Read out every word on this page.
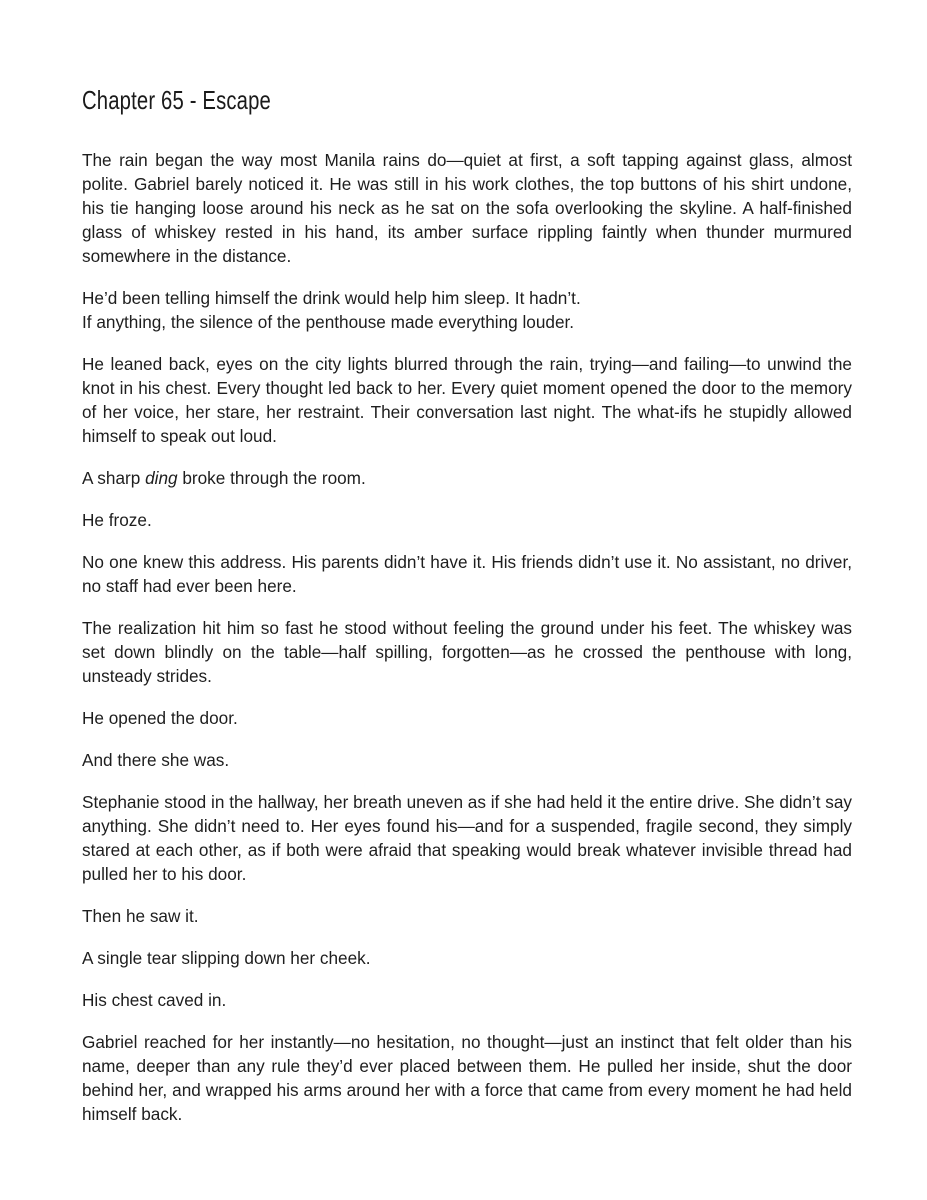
Chapter 65 - Escape

The rain began the way most Manila rains do—quiet at first, a soft tapping against glass, almost polite. Gabriel barely noticed it. He was still in his work clothes, the top buttons of his shirt undone, his tie hanging loose around his neck as he sat on the sofa overlooking the skyline. A half-finished glass of whiskey rested in his hand, its amber surface rippling faintly when thunder murmured somewhere in the distance.

He’d been telling himself the drink would help him sleep. It hadn’t.
If anything, the silence of the penthouse made everything louder.

He leaned back, eyes on the city lights blurred through the rain, trying—and failing—to unwind the knot in his chest. Every thought led back to her. Every quiet moment opened the door to the memory of her voice, her stare, her restraint. Their conversation last night. The what-ifs he stupidly allowed himself to speak out loud.

A sharp ding broke through the room.

He froze.

No one knew this address. His parents didn’t have it. His friends didn’t use it. No assistant, no driver, no staff had ever been here.

The realization hit him so fast he stood without feeling the ground under his feet. The whiskey was set down blindly on the table—half spilling, forgotten—as he crossed the penthouse with long, unsteady strides.

He opened the door.

And there she was.

Stephanie stood in the hallway, her breath uneven as if she had held it the entire drive. She didn’t say anything. She didn’t need to. Her eyes found his—and for a suspended, fragile second, they simply stared at each other, as if both were afraid that speaking would break whatever invisible thread had pulled her to his door.

Then he saw it.

A single tear slipping down her cheek.

His chest caved in.

Gabriel reached for her instantly—no hesitation, no thought—just an instinct that felt older than his name, deeper than any rule they’d ever placed between them. He pulled her inside, shut the door behind her, and wrapped his arms around her with a force that came from every moment he had held himself back.
